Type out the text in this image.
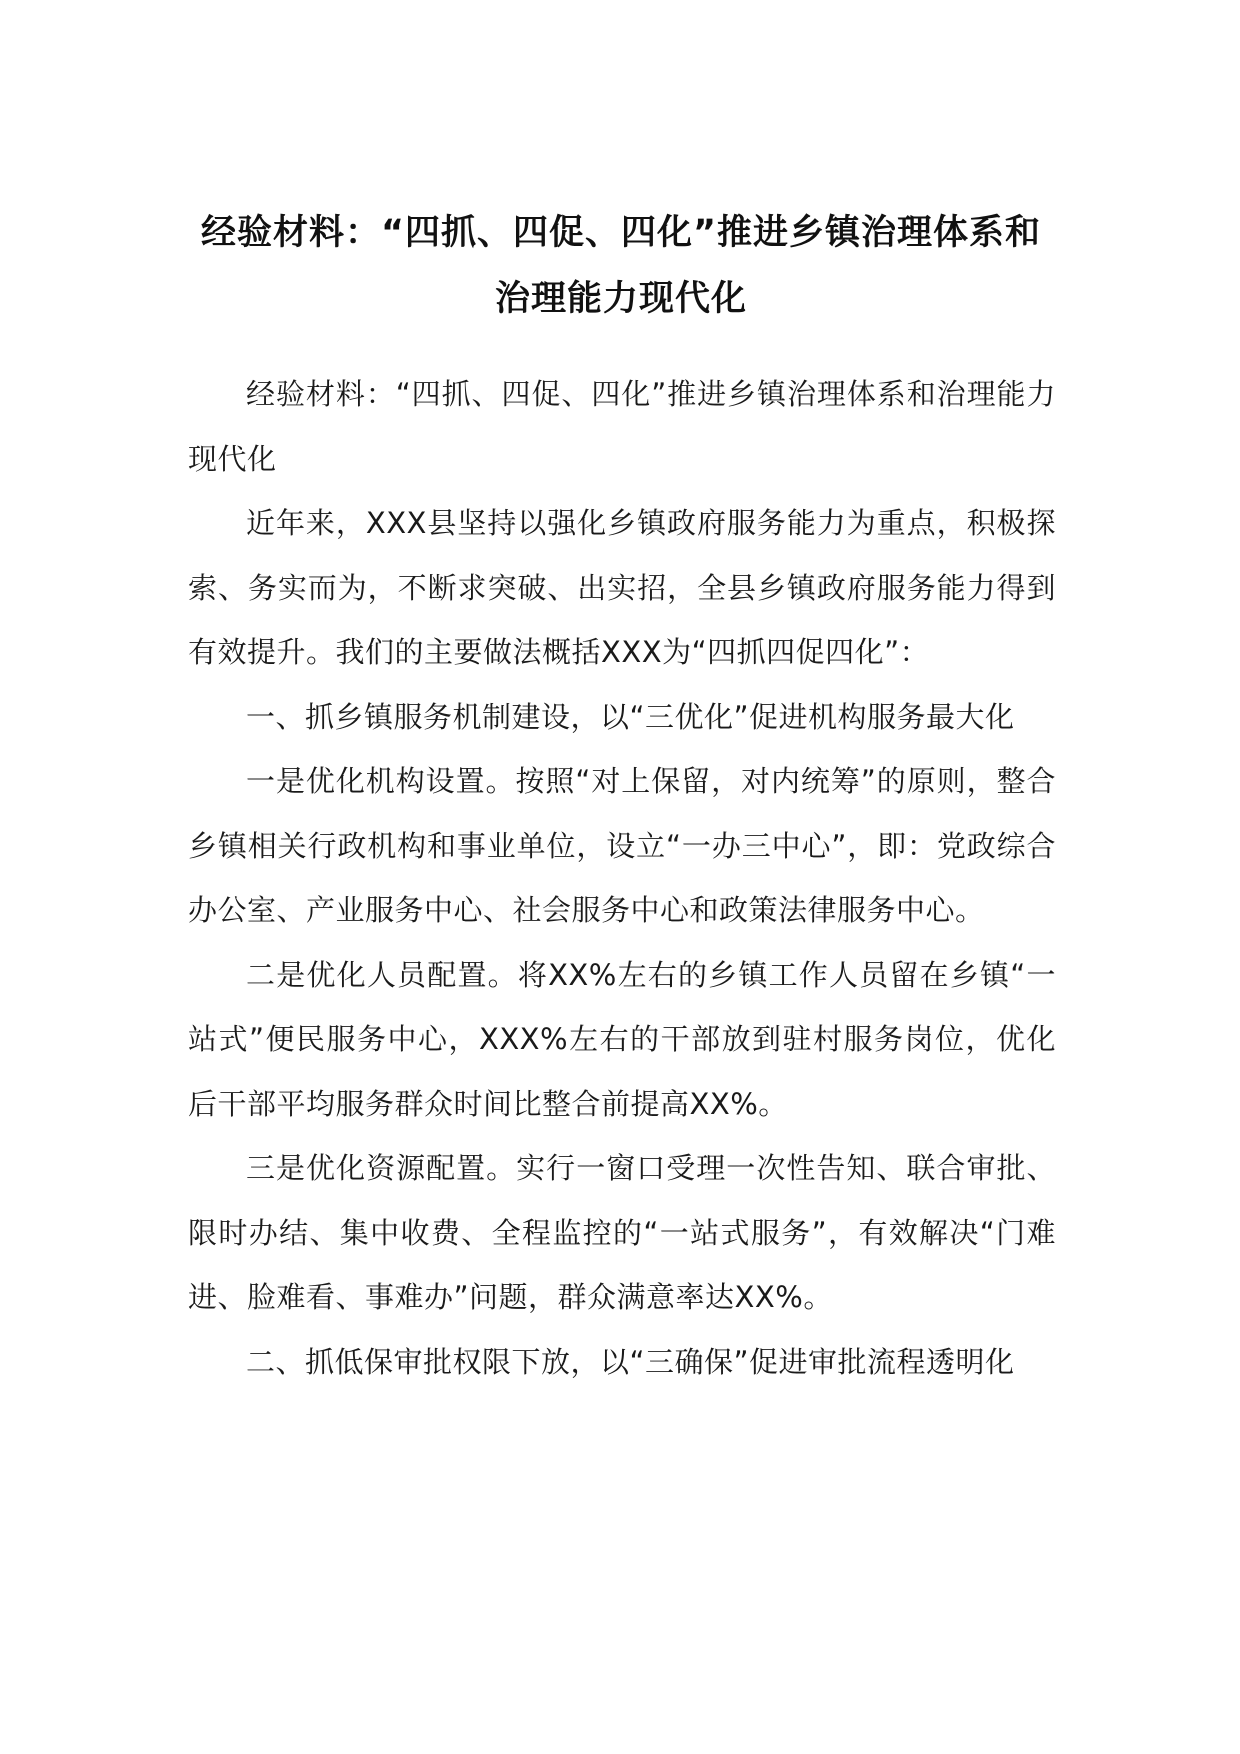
经验材料：“四抓、四促、四化”推进乡镇治理体系和治理能力现代化

经验材料：“四抓、四促、四化”推进乡镇治理体系和治理能力现代化

近年来，XXX县坚持以强化乡镇政府服务能力为重点，积极探索、务实而为，不断求突破、出实招，全县乡镇政府服务能力得到有效提升。我们的主要做法概括XXX为“四抓四促四化”：

一、抓乡镇服务机制建设，以“三优化”促进机构服务最大化

一是优化机构设置。按照“对上保留，对内统筹”的原则，整合乡镇相关行政机构和事业单位，设立“一办三中心”，即：党政综合办公室、产业服务中心、社会服务中心和政策法律服务中心。

二是优化人员配置。将XX%左右的乡镇工作人员留在乡镇“一站式”便民服务中心，XXX%左右的干部放到驻村服务岗位，优化后干部平均服务群众时间比整合前提高XX%。

三是优化资源配置。实行一窗口受理一次性告知、联合审批、限时办结、集中收费、全程监控的“一站式服务”，有效解决“门难进、脸难看、事难办”问题，群众满意率达XX%。

二、抓低保审批权限下放，以“三确保”促进审批流程透明化
